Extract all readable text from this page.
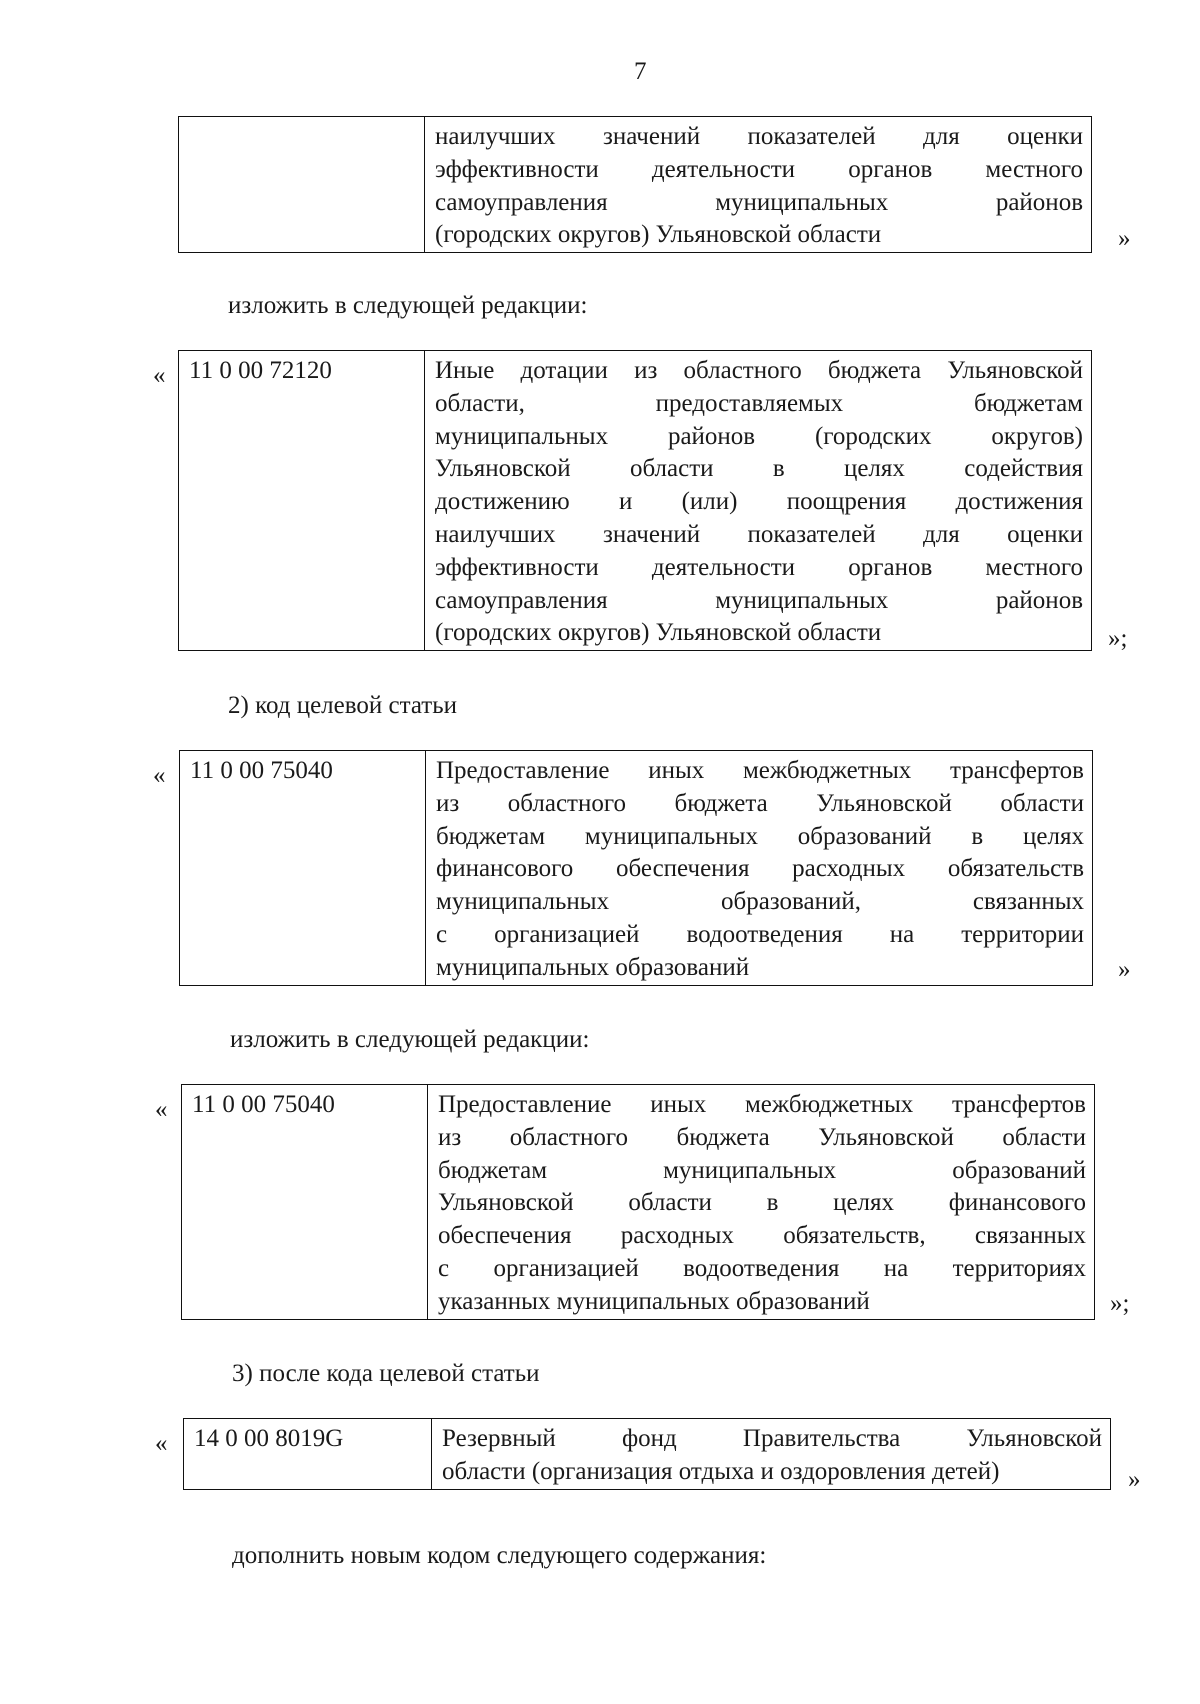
7

наилучших значений показателей для оценки
эффективности деятельности органов местного
самоуправления муниципальных районов
(городских округов) Ульяновской области	»
изложить в следующей редакции:
« 11 0 00 72120	Иные дотации из областного бюджета Ульяновской
области, предоставляемых бюджетам
муниципальных районов (городских округов)
Ульяновской области в целях содействия
достижению и (или) поощрения достижения
наилучших значений показателей для оценки
эффективности деятельности органов местного
самоуправления муниципальных районов
(городских округов) Ульяновской области	»;
2) код целевой статьи
« 11 0 00 75040	Предоставление иных межбюджетных трансфертов
из областного бюджета Ульяновской области
бюджетам муниципальных образований в целях
финансового обеспечения расходных обязательств
муниципальных образований, связанных
с организацией водоотведения на территории
муниципальных образований	»
изложить в следующей редакции:
« 11 0 00 75040	Предоставление иных межбюджетных трансфертов
из областного бюджета Ульяновской области
бюджетам муниципальных образований
Ульяновской области в целях финансового
обеспечения расходных обязательств, связанных
с организацией водоотведения на территориях
указанных муниципальных образований	»;
3) после кода целевой статьи
« 14 0 00 8019G	Резервный фонд Правительства Ульяновской
области (организация отдыха и оздоровления детей)	»
дополнить новым кодом следующего содержания:
